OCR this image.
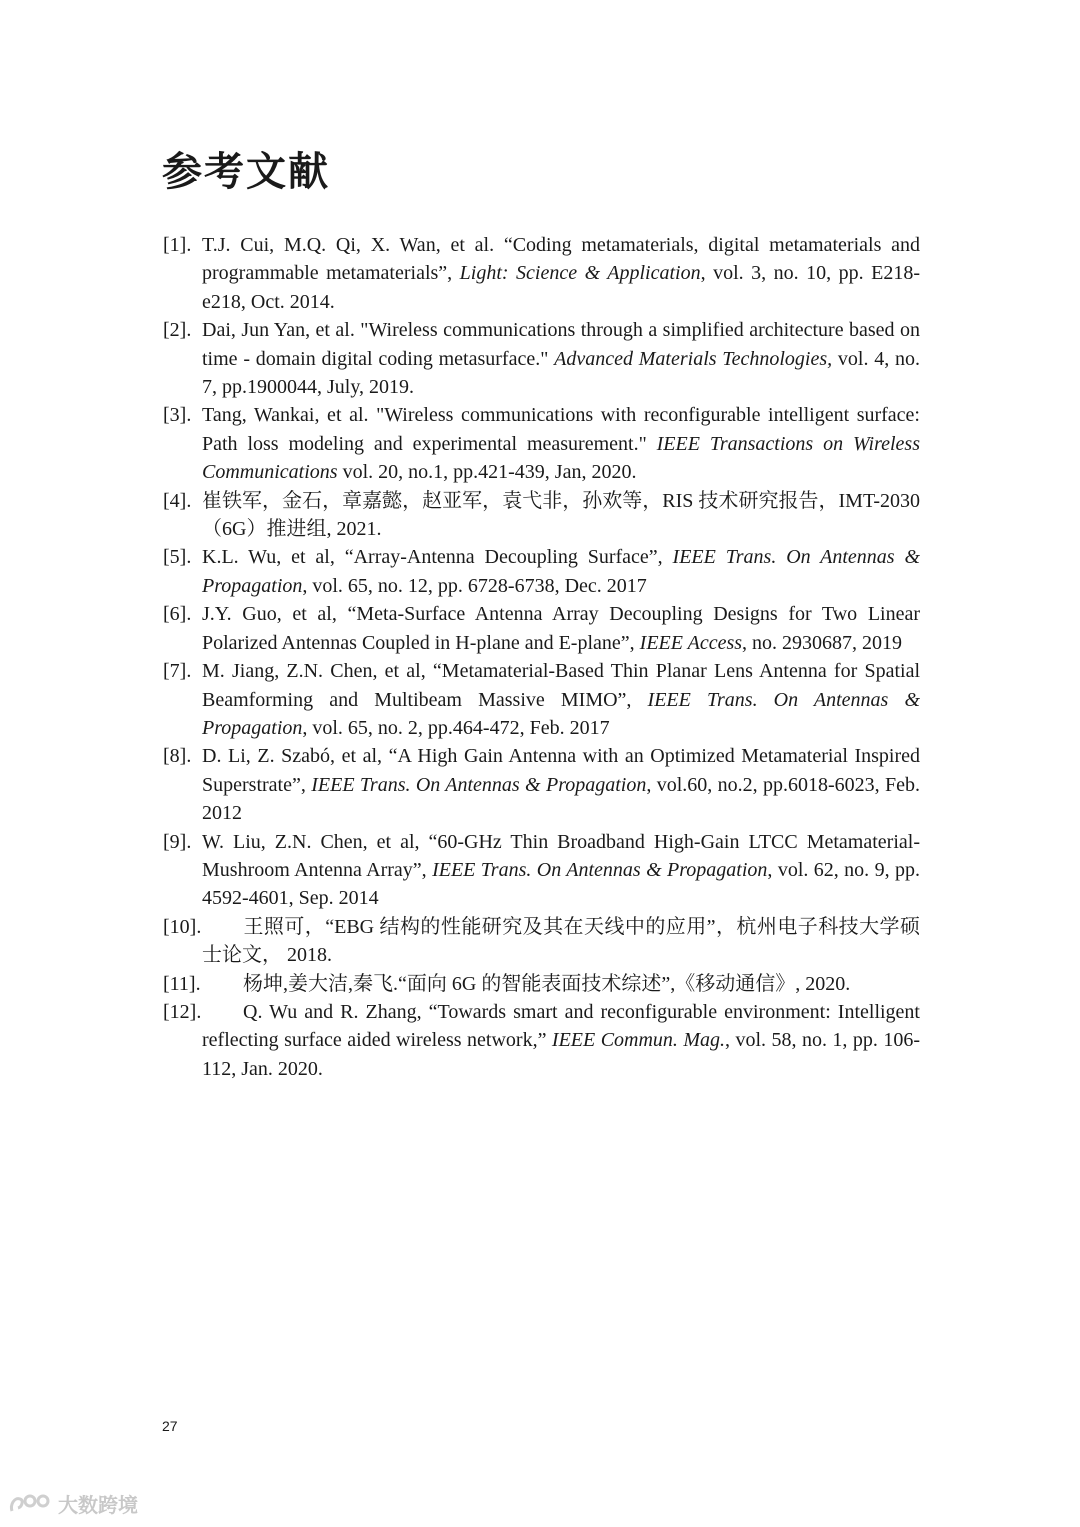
参考文献

[1]. T.J. Cui, M.Q. Qi, X. Wan, et al. “Coding metamaterials, digital metamaterials and programmable metamaterials”, Light: Science & Application, vol. 3, no. 10, pp. E218-e218, Oct. 2014.

[2]. Dai, Jun Yan, et al. "Wireless communications through a simplified architecture based on time - domain digital coding metasurface." Advanced Materials Technologies, vol. 4, no. 7, pp.1900044, July, 2019.

[3]. Tang, Wankai, et al. "Wireless communications with reconfigurable intelligent surface: Path loss modeling and experimental measurement." IEEE Transactions on Wireless Communications vol. 20, no.1, pp.421-439, Jan, 2020.

[4]. 崔铁军，金石，章嘉懿，赵亚军，袁弋非，孙欢等，RIS 技术研究报告，IMT-2030（6G）推进组, 2021.

[5]. K.L. Wu, et al, “Array-Antenna Decoupling Surface”, IEEE Trans. On Antennas & Propagation, vol. 65, no. 12, pp. 6728-6738, Dec. 2017

[6]. J.Y. Guo, et al, “Meta-Surface Antenna Array Decoupling Designs for Two Linear Polarized Antennas Coupled in H-plane and E-plane”, IEEE Access, no. 2930687, 2019

[7]. M. Jiang, Z.N. Chen, et al, “Metamaterial-Based Thin Planar Lens Antenna for Spatial Beamforming and Multibeam Massive MIMO”, IEEE Trans. On Antennas & Propagation, vol. 65, no. 2, pp.464-472, Feb. 2017

[8]. D. Li, Z. Szabó, et al, “A High Gain Antenna with an Optimized Metamaterial Inspired Superstrate”, IEEE Trans. On Antennas & Propagation, vol.60, no.2, pp.6018-6023, Feb. 2012

[9]. W. Liu, Z.N. Chen, et al, “60-GHz Thin Broadband High-Gain LTCC Metamaterial-Mushroom Antenna Array”, IEEE Trans. On Antennas & Propagation, vol. 62, no. 9, pp. 4592-4601, Sep. 2014

[10].	王照可，“EBG 结构的性能研究及其在天线中的应用”，杭州电子科技大学硕士论文， 2018.

[11].	杨坤,姜大洁,秦飞.“面向 6G 的智能表面技术综述”,《移动通信》, 2020.

[12].	Q. Wu and R. Zhang, “Towards smart and reconfigurable environment: Intelligent reflecting surface aided wireless network,” IEEE Commun. Mag., vol. 58, no. 1, pp. 106-112, Jan. 2020.

27
大数跨境
